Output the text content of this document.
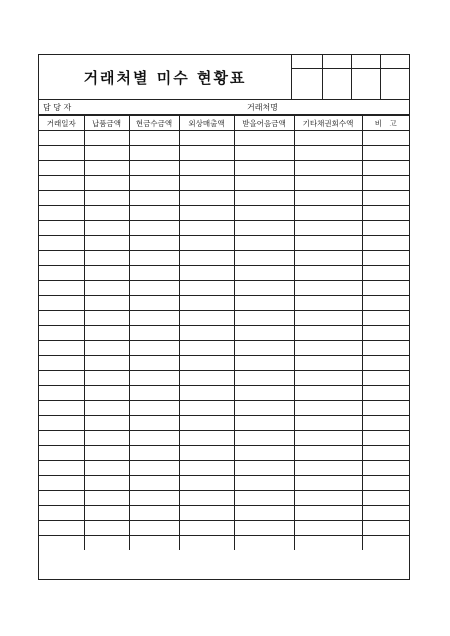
거래처별 미수 현황표
담 당 자	거래처명
거래일자	납품금액	현금수금액	외상매출액	받을어음금액	기타채권회수액	비　고
